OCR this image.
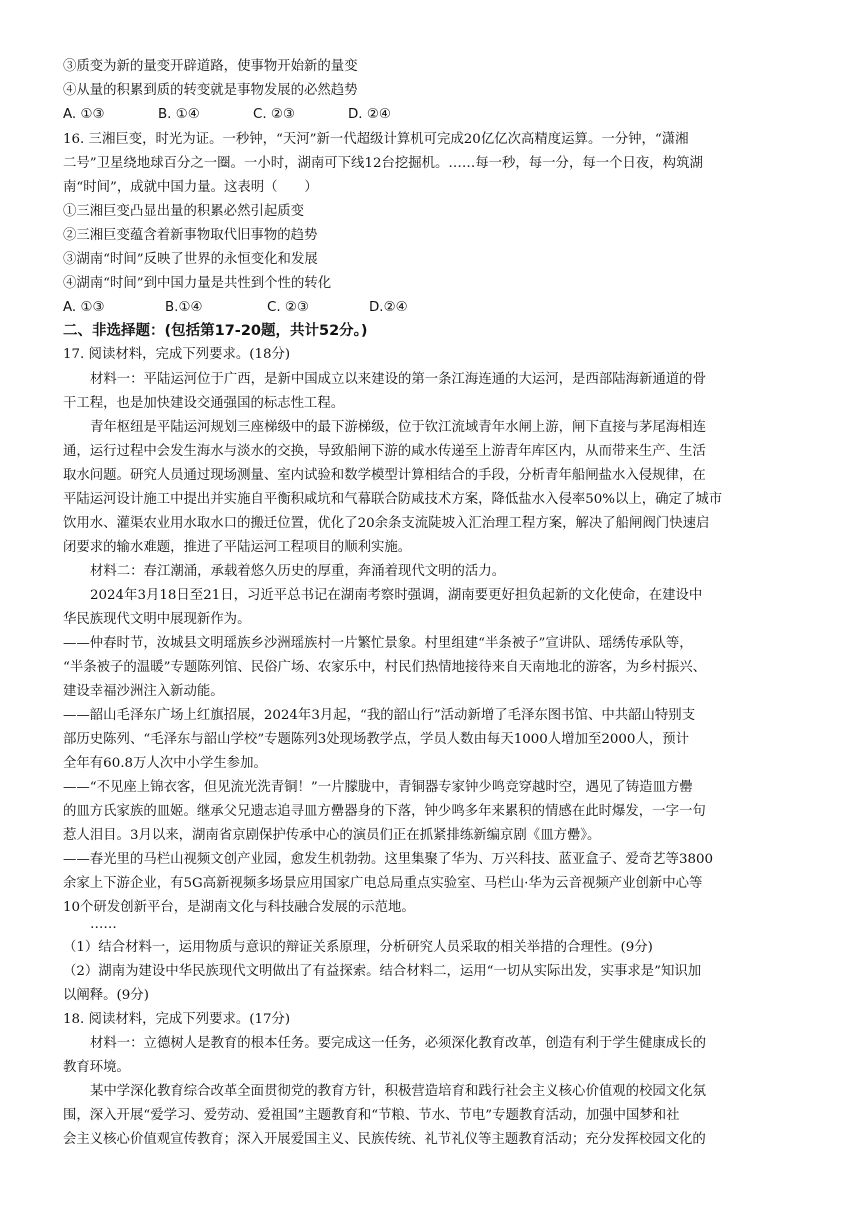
③质变为新的量变开辟道路，使事物开始新的量变
④从量的积累到质的转变就是事物发展的必然趋势
A. ①③	B. ①④	C. ②③	D. ②④
16. 三湘巨变，时光为证。一秒钟，“天河”新一代超级计算机可完成20亿亿次高精度运算。一分钟，“潇湘
二号”卫星绕地球百分之一圈。一小时，湖南可下线12台挖掘机。……每一秒，每一分，每一个日夜，构筑湖
南“时间”，成就中国力量。这表明（　　）
①三湘巨变凸显出量的积累必然引起质变
②三湘巨变蕴含着新事物取代旧事物的趋势
③湖南“时间”反映了世界的永恒变化和发展
④湖南“时间”到中国力量是共性到个性的转化
A. ①③	B.①④	C. ②③	D.②④
二、非选择题：(包括第17-20题，共计52分。)
17. 阅读材料，完成下列要求。(18分)
材料一：平陆运河位于广西，是新中国成立以来建设的第一条江海连通的大运河，是西部陆海新通道的骨
干工程，也是加快建设交通强国的标志性工程。
青年枢纽是平陆运河规划三座梯级中的最下游梯级，位于钦江流域青年水闸上游，闸下直接与茅尾海相连
通，运行过程中会发生海水与淡水的交换，导致船闸下游的咸水传递至上游青年库区内，从而带来生产、生活
取水问题。研究人员通过现场测量、室内试验和数学模型计算相结合的手段，分析青年船闸盐水入侵规律，在
平陆运河设计施工中提出并实施自平衡积咸坑和气幕联合防咸技术方案，降低盐水入侵率50%以上，确定了城市
饮用水、灌渠农业用水取水口的搬迁位置，优化了20余条支流陡坡入汇治理工程方案，解决了船闸阀门快速启
闭要求的输水难题，推进了平陆运河工程项目的顺利实施。
材料二：春江潮涌，承载着悠久历史的厚重，奔涌着现代文明的活力。
2024年3月18日至21日，习近平总书记在湖南考察时强调，湖南要更好担负起新的文化使命，在建设中
华民族现代文明中展现新作为。
——仲春时节，汝城县文明瑶族乡沙洲瑶族村一片繁忙景象。村里组建“半条被子”宣讲队、瑶绣传承队等，
“半条被子的温暖”专题陈列馆、民俗广场、农家乐中，村民们热情地接待来自天南地北的游客，为乡村振兴、
建设幸福沙洲注入新动能。
——韶山毛泽东广场上红旗招展，2024年3月起，“我的韶山行”活动新增了毛泽东图书馆、中共韶山特别支
部历史陈列、“毛泽东与韶山学校”专题陈列3处现场教学点，学员人数由每天1000人增加至2000人，预计
全年有60.8万人次中小学生参加。
——“不见座上锦衣客，但见流光洗青铜！”一片朦胧中，青铜器专家钟少鸣竞穿越时空，遇见了铸造皿方罍
的皿方氏家族的皿姬。继承父兄遗志追寻皿方罍器身的下落，钟少鸣多年来累积的情感在此时爆发，一字一句
惹人泪目。3月以来，湖南省京剧保护传承中心的演员们正在抓紧排练新编京剧《皿方罍》。
——春光里的马栏山视频文创产业园，愈发生机勃勃。这里集聚了华为、万兴科技、蓝亚盒子、爱奇艺等3800
余家上下游企业，有5G高新视频多场景应用国家广电总局重点实验室、马栏山·华为云音视频产业创新中心等
10个研发创新平台，是湖南文化与科技融合发展的示范地。
……
（1）结合材料一，运用物质与意识的辩证关系原理，分析研究人员采取的相关举措的合理性。(9分)
（2）湖南为建设中华民族现代文明做出了有益探索。结合材料二，运用“一切从实际出发，实事求是”知识加
以阐释。(9分)
18. 阅读材料，完成下列要求。(17分)
材料一：立德树人是教育的根本任务。要完成这一任务，必须深化教育改革，创造有利于学生健康成长的
教育环境。
某中学深化教育综合改革全面贯彻党的教育方针，积极营造培育和践行社会主义核心价值观的校园文化氛
围，深入开展“爱学习、爱劳动、爱祖国”主题教育和“节粮、节水、节电”专题教育活动，加强中国梦和社
会主义核心价值观宣传教育；深入开展爱国主义、民族传统、礼节礼仪等主题教育活动；充分发挥校园文化的
